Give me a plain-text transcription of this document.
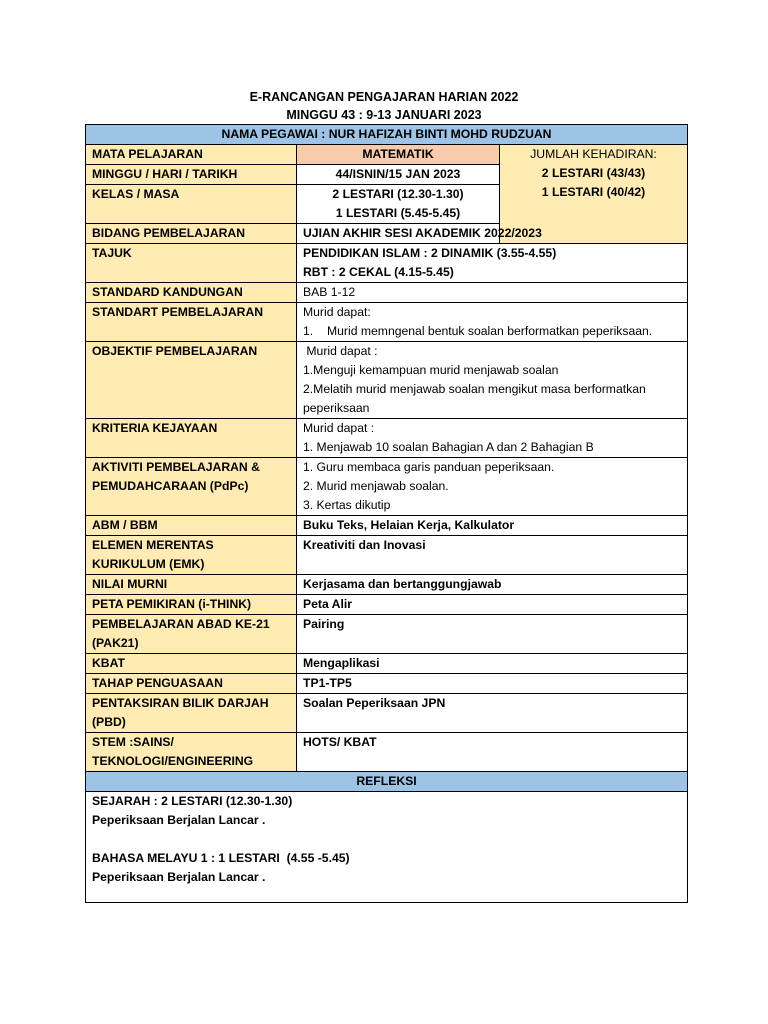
E-RANCANGAN PENGAJARAN HARIAN 2022
MINGGU 43 : 9-13 JANUARI 2023
NAMA PEGAWAI : NUR HAFIZAH BINTI MOHD RUDZUAN		
MATA PELAJARAN	MATEMATIK	JUMLAH KEHADIRAN:
2 LESTARI (43/43)
1 LESTARI (40/42)

MINGGU / HARI / TARIKH	44/ISNIN/15 JAN 2023	
KELAS / MASA	2 LESTARI (12.30-1.30)
1 LESTARI (5.45-5.45)	

BIDANG PEMBELAJARAN	UJIAN AKHIR SESI AKADEMIK 2022/2023	
TAJUK	PENDIDIKAN ISLAM : 2 DINAMIK (3.55-4.55)
RBT : 2 CEKAL (4.15-5.45)	

STANDARD KANDUNGAN	BAB 1-12	
STANDART PEMBELAJARAN	Murid dapat:
1. Murid memngenal bentuk soalan berformatkan peperiksaan.	

OBJEKTIF PEMBELAJARAN	Murid dapat :
1.Menguji kemampuan murid menjawab soalan
2.Melatih murid menjawab soalan mengikut masa berformatkan peperiksaan	

KRITERIA KEJAYAAN	Murid dapat :
1. Menjawab 10 soalan Bahagian A dan 2 Bahagian B	

AKTIVITI PEMBELAJARAN & PEMUDAHCARAAN (PdPc)	1. Guru membaca garis panduan peperiksaan.
2. Murid menjawab soalan.
3. Kertas dikutip	

ABM / BBM	Buku Teks, Helaian Kerja, Kalkulator	
ELEMEN MERENTAS KURIKULUM (EMK)	Kreativiti dan Inovasi	
NILAI MURNI	Kerjasama dan bertanggungjawab	
PETA PEMIKIRAN (i-THINK)	Peta Alir	
PEMBELAJARAN ABAD KE-21 (PAK21)	Pairing	
KBAT	Mengaplikasi	
TAHAP PENGUASAAN	TP1-TP5	
PENTAKSIRAN BILIK DARJAH (PBD)	Soalan Peperiksaan JPN	
STEM :SAINS/ TEKNOLOGI/ENGINEERING	HOTS/ KBAT	
REFLEKSI		

SEJARAH : 2 LESTARI (12.30-1.30)
Peperiksaan Berjalan Lancar .
BAHASA MELAYU 1 : 1 LESTARI  (4.55 -5.45)
Peperiksaan Berjalan Lancar .		
